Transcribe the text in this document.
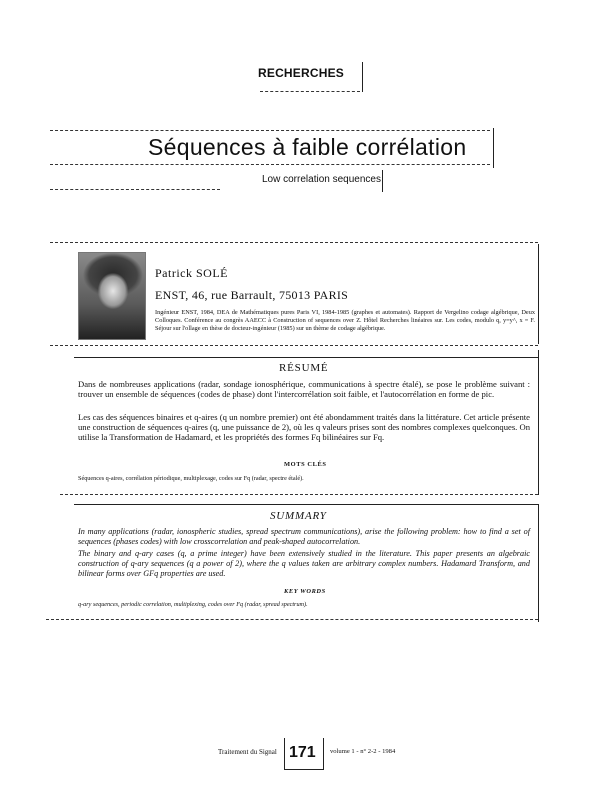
RECHERCHES
Séquences à faible corrélation
Low correlation sequences
Patrick SOLÉ
ENST, 46, rue Barrault, 75013 PARIS
Ingénieur ENST, 1984, DEA de Mathématiques pures Paris VI, 1984-1985 (graphes et automates). Rapport de Vergelino codage algébrique, Deux Colloques. Conférence au congrès AAECC à Construction of sequences over Z. Hôtel Recherches linéaires sur. Les codes, modulo q, y=y^, x = F. Séjour sur l'ollage en thèse de docteur-ingénieur (1985) sur un thème de codage algébrique.
RÉSUMÉ
Dans de nombreuses applications (radar, sondage ionosphérique, communications à spectre étalé), se pose le problème suivant : trouver un ensemble de séquences (codes de phase) dont l'intercorrélation soit faible, et l'autocorrélation en forme de pic.
Les cas des séquences binaires et q-aires (q un nombre premier) ont été abondamment traités dans la littérature. Cet article présente une construction de séquences q-aires (q, une puissance de 2), où les q valeurs prises sont des nombres complexes quelconques. On utilise la Transformation de Hadamard, et les propriétés des formes Fq bilinéaires sur Fq.
MOTS CLÉS
Séquences q-aires, corrélation périodique, multiplexage, codes sur Fq (radar, spectre étalé).
SUMMARY
In many applications (radar, ionospheric studies, spread spectrum communications), arise the following problem: how to find a set of sequences (phases codes) with low crosscorrelation and peak-shaped autocorrelation.
The binary and q-ary cases (q, a prime integer) have been extensively studied in the literature. This paper presents an algebraic construction of q-ary sequences (q a power of 2), where the q values taken are arbitrary complex numbers. Hadamard Transform, and bilinear forms over GFq properties are used.
KEY WORDS
q-ary sequences, periodic correlation, multiplexing, codes over Fq (radar, spread spectrum).
Traitement du Signal 171 volume 1 - n° 2-2 - 1984
